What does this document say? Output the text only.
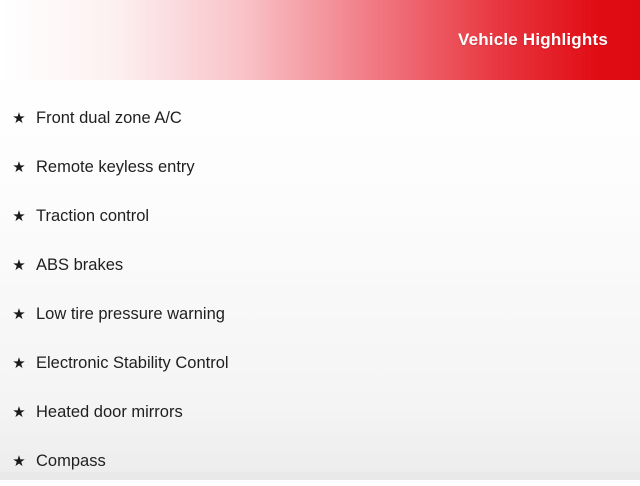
Vehicle Highlights
★ Front dual zone A/C
★ Remote keyless entry
★ Traction control
★ ABS brakes
★ Low tire pressure warning
★ Electronic Stability Control
★ Heated door mirrors
★ Compass
